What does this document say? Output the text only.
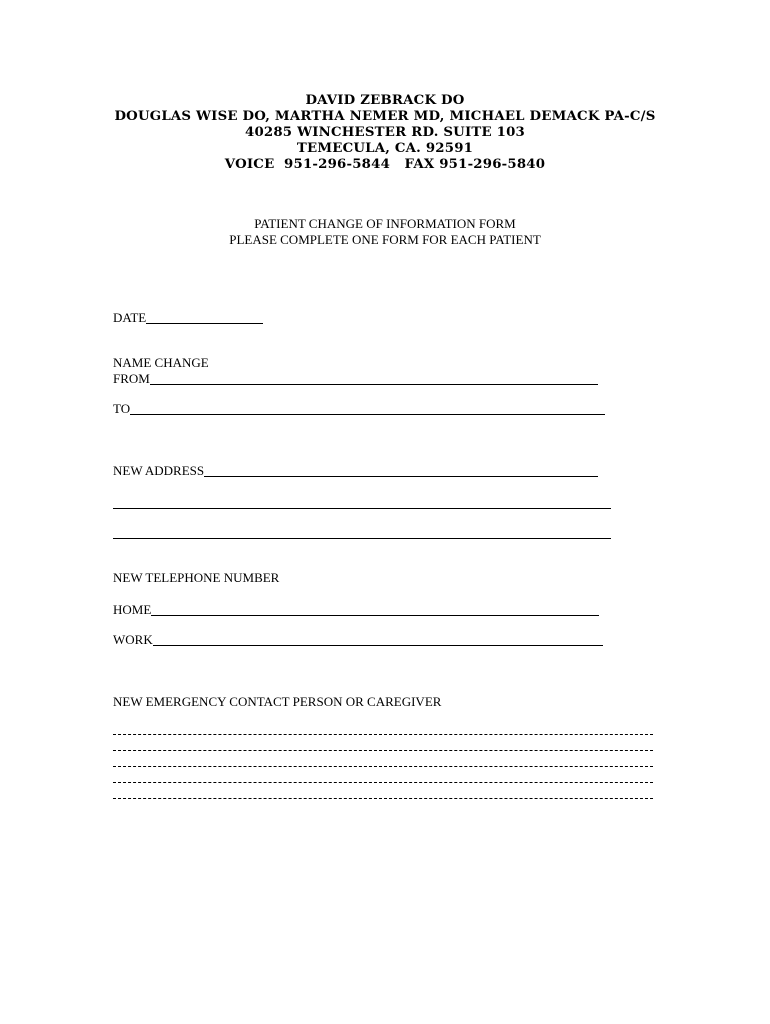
DAVID ZEBRACK DO
DOUGLAS WISE DO, MARTHA NEMER MD, MICHAEL DEMACK PA-C/S
40285 WINCHESTER RD. SUITE 103
TEMECULA, CA. 92591
VOICE  951-296-5844   FAX 951-296-5840
PATIENT CHANGE OF INFORMATION FORM
PLEASE COMPLETE ONE FORM FOR EACH PATIENT
DATE
NAME CHANGE
FROM
TO
NEW ADDRESS
NEW TELEPHONE NUMBER
HOME
WORK
NEW EMERGENCY CONTACT PERSON OR CAREGIVER
